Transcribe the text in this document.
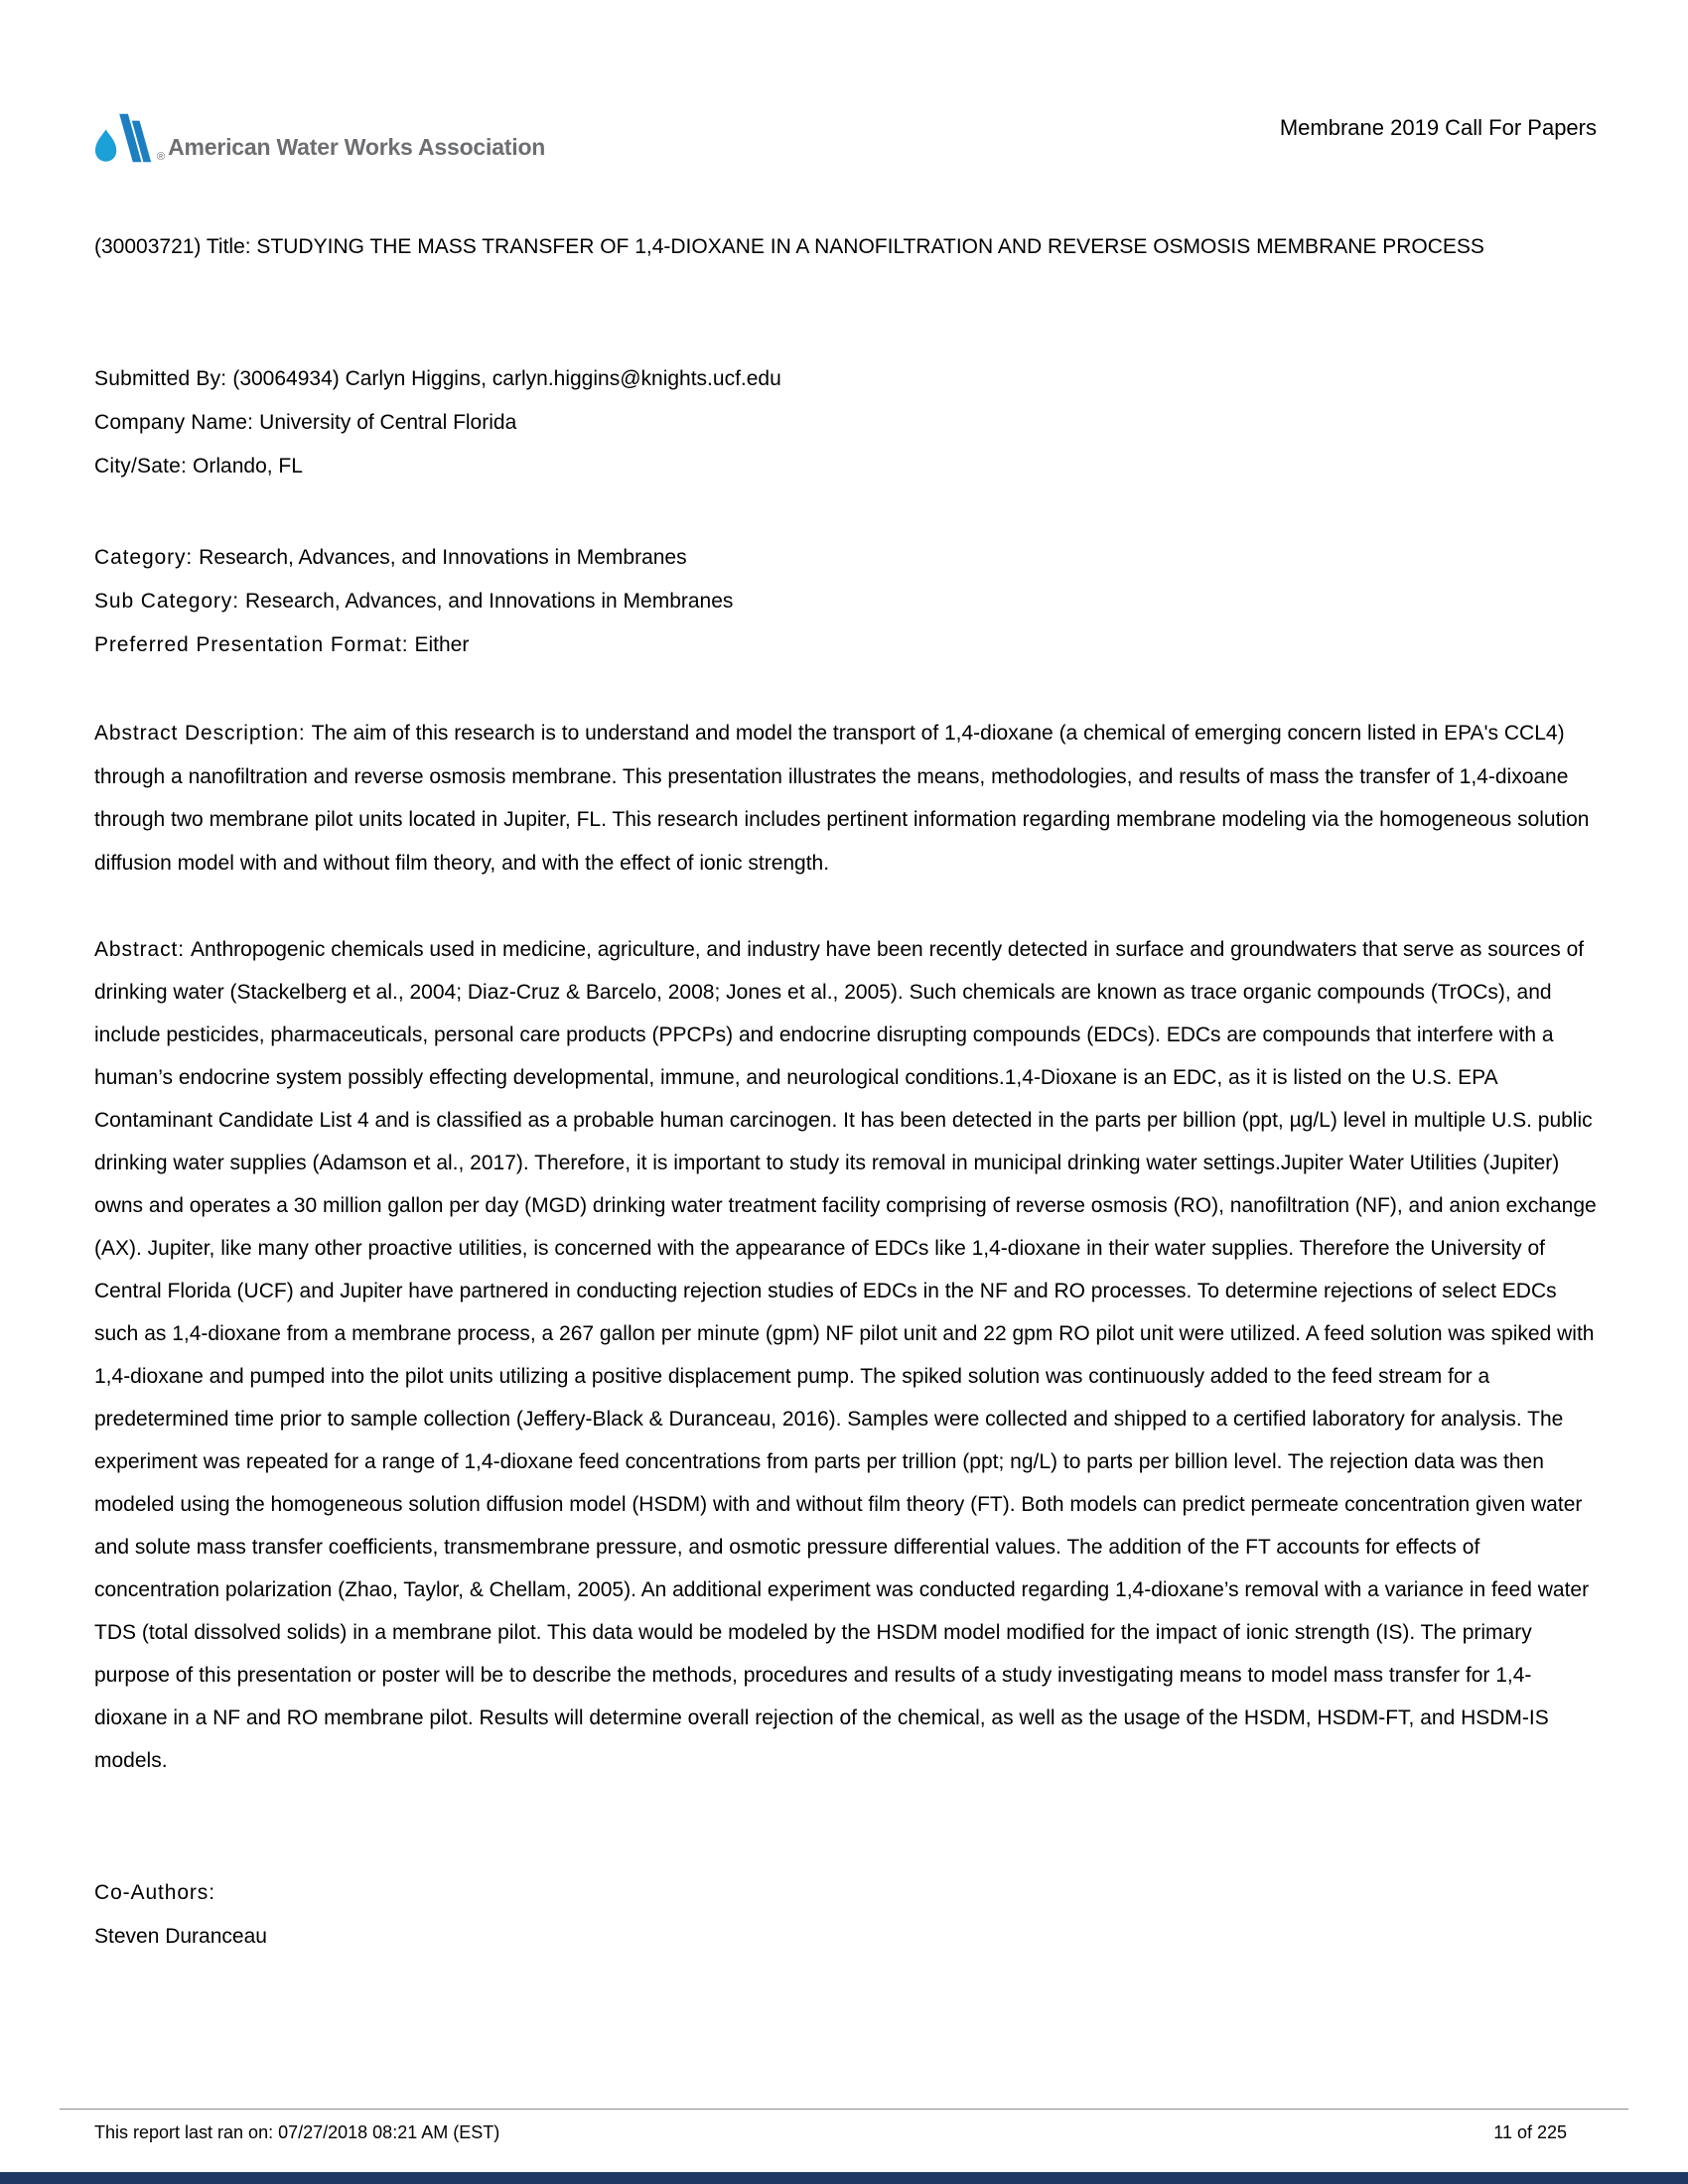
® American Water Works Association
Membrane 2019 Call For Papers

(30003721) Title: STUDYING THE MASS TRANSFER OF 1,4-DIOXANE IN A NANOFILTRATION AND REVERSE OSMOSIS MEMBRANE PROCESS

Submitted By: (30064934) Carlyn Higgins, carlyn.higgins@knights.ucf.edu

Company Name: University of Central Florida

City/Sate: Orlando, FL

Category: Research, Advances, and Innovations in Membranes

Sub Category: Research, Advances, and Innovations in Membranes

Preferred Presentation Format: Either

Abstract Description: The aim of this research is to understand and model the transport of 1,4-dioxane (a chemical of emerging concern listed in EPA's CCL4) through a nanofiltration and reverse osmosis membrane. This presentation illustrates the means, methodologies, and results of mass the transfer of 1,4-dixoane through two membrane pilot units located in Jupiter, FL. This research includes pertinent information regarding membrane modeling via the homogeneous solution diffusion model with and without film theory, and with the effect of ionic strength.

Abstract: Anthropogenic chemicals used in medicine, agriculture, and industry have been recently detected in surface and groundwaters that serve as sources of drinking water (Stackelberg et al., 2004; Diaz-Cruz & Barcelo, 2008; Jones et al., 2005). Such chemicals are known as trace organic compounds (TrOCs), and include pesticides, pharmaceuticals, personal care products (PPCPs) and endocrine disrupting compounds (EDCs). EDCs are compounds that interfere with a human’s endocrine system possibly effecting developmental, immune, and neurological conditions.1,4-Dioxane is an EDC, as it is listed on the U.S. EPA Contaminant Candidate List 4 and is classified as a probable human carcinogen. It has been detected in the parts per billion (ppt, µg/L) level in multiple U.S. public drinking water supplies (Adamson et al., 2017). Therefore, it is important to study its removal in municipal drinking water settings.Jupiter Water Utilities (Jupiter) owns and operates a 30 million gallon per day (MGD) drinking water treatment facility comprising of reverse osmosis (RO), nanofiltration (NF), and anion exchange (AX). Jupiter, like many other proactive utilities, is concerned with the appearance of EDCs like 1,4-dioxane in their water supplies. Therefore the University of Central Florida (UCF) and Jupiter have partnered in conducting rejection studies of EDCs in the NF and RO processes. To determine rejections of select EDCs such as 1,4-dioxane from a membrane process, a 267 gallon per minute (gpm) NF pilot unit and 22 gpm RO pilot unit were utilized. A feed solution was spiked with 1,4-dioxane and pumped into the pilot units utilizing a positive displacement pump. The spiked solution was continuously added to the feed stream for a predetermined time prior to sample collection (Jeffery-Black & Duranceau, 2016). Samples were collected and shipped to a certified laboratory for analysis. The experiment was repeated for a range of 1,4-dioxane feed concentrations from parts per trillion (ppt; ng/L) to parts per billion level. The rejection data was then modeled using the homogeneous solution diffusion model (HSDM) with and without film theory (FT). Both models can predict permeate concentration given water and solute mass transfer coefficients, transmembrane pressure, and osmotic pressure differential values. The addition of the FT accounts for effects of concentration polarization (Zhao, Taylor, & Chellam, 2005). An additional experiment was conducted regarding 1,4-dioxane’s removal with a variance in feed water TDS (total dissolved solids) in a membrane pilot. This data would be modeled by the HSDM model modified for the impact of ionic strength (IS). The primary purpose of this presentation or poster will be to describe the methods, procedures and results of a study investigating means to model mass transfer for 1,4-dioxane in a NF and RO membrane pilot. Results will determine overall rejection of the chemical, as well as the usage of the HSDM, HSDM-FT, and HSDM-IS models.

Co-Authors:

Steven Duranceau

This report last ran on: 07/27/2018 08:21 AM (EST)	11 of 225
